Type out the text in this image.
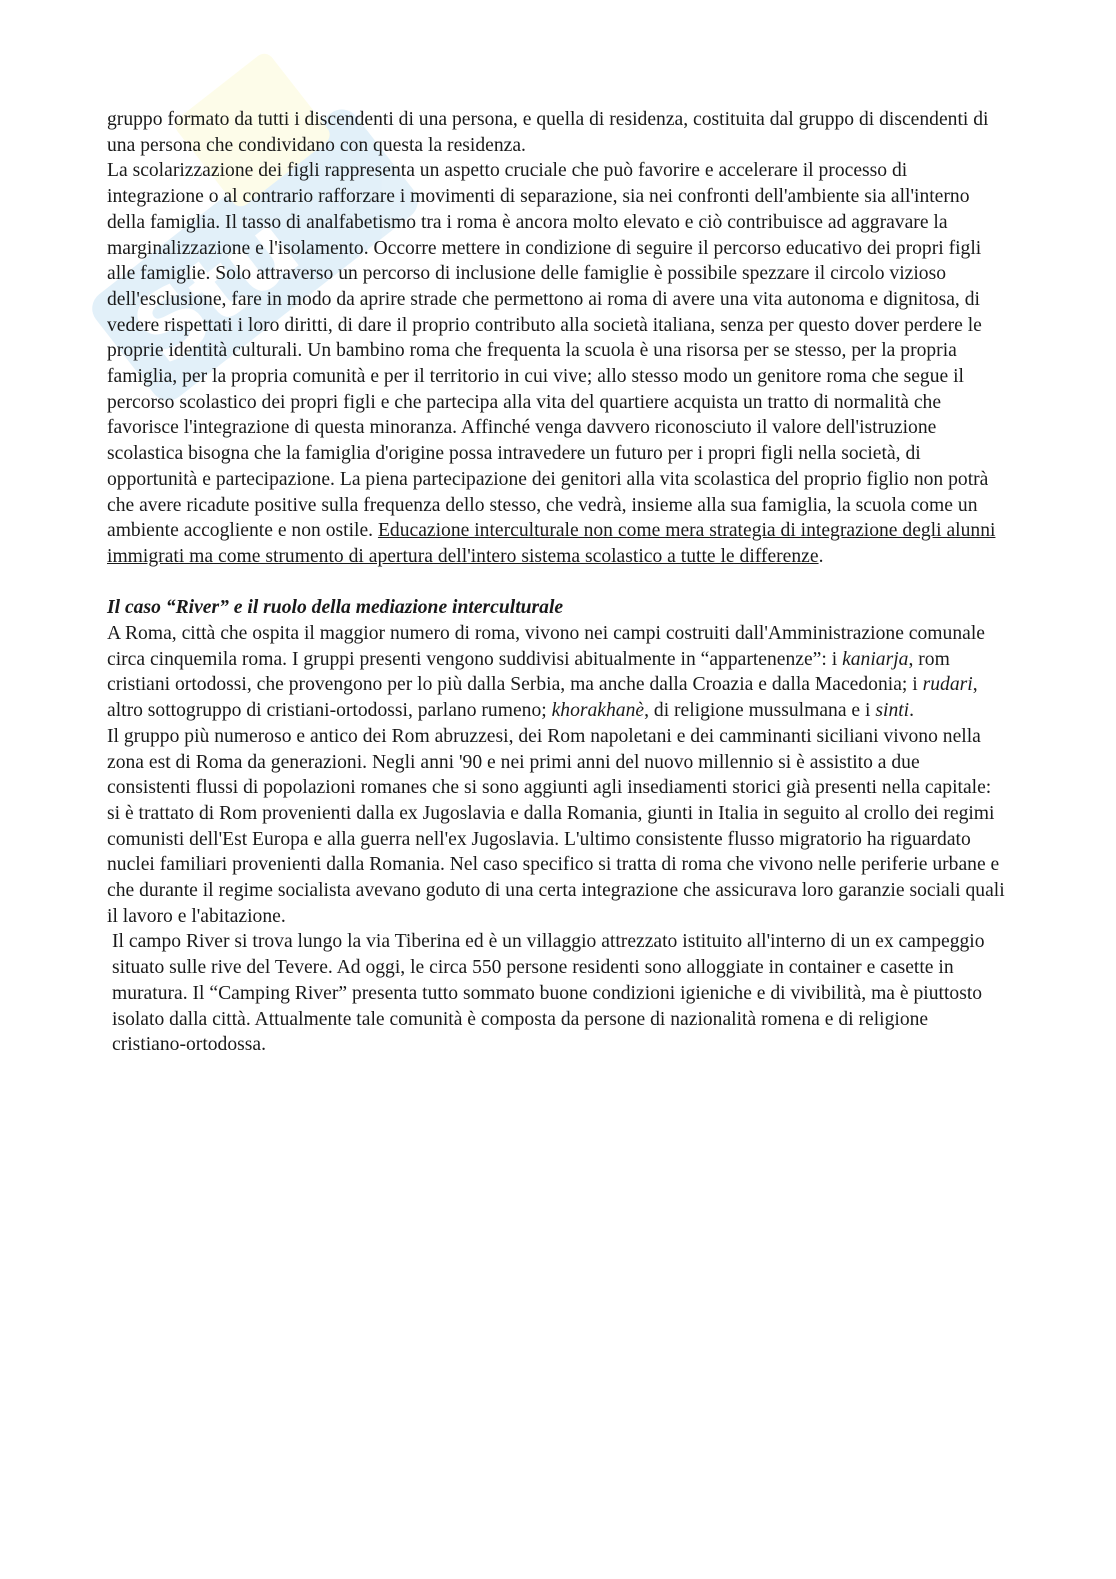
Stu

gruppo formato da tutti i discendenti di una persona, e quella di residenza, costituita dal gruppo di discendenti di una persona che condividano con questa la residenza.

La scolarizzazione dei figli rappresenta un aspetto cruciale che può favorire e accelerare il processo di integrazione o al contrario rafforzare i movimenti di separazione, sia nei confronti dell'ambiente sia all'interno della famiglia. Il tasso di analfabetismo tra i roma è ancora molto elevato e ciò contribuisce ad aggravare la marginalizzazione e l'isolamento. Occorre mettere in condizione di seguire il percorso educativo dei propri figli alle famiglie. Solo attraverso un percorso di inclusione delle famiglie è possibile spezzare il circolo vizioso dell'esclusione, fare in modo da aprire strade che permettono ai roma di avere una vita autonoma e dignitosa, di vedere rispettati i loro diritti, di dare il proprio contributo alla società italiana, senza per questo dover perdere le proprie identità culturali. Un bambino roma che frequenta la scuola è una risorsa per se stesso, per la propria famiglia, per la propria comunità e per il territorio in cui vive; allo stesso modo un genitore roma che segue il percorso scolastico dei propri figli e che partecipa alla vita del quartiere acquista un tratto di normalità che favorisce l'integrazione di questa minoranza. Affinché venga davvero riconosciuto il valore dell'istruzione scolastica bisogna che la famiglia d'origine possa intravedere un futuro per i propri figli nella società, di opportunità e partecipazione. La piena partecipazione dei genitori alla vita scolastica del proprio figlio non potrà che avere ricadute positive sulla frequenza dello stesso, che vedrà, insieme alla sua famiglia, la scuola come un ambiente accogliente e non ostile. Educazione interculturale non come mera strategia di integrazione degli alunni immigrati ma come strumento di apertura dell'intero sistema scolastico a tutte le differenze.

Il caso “River” e il ruolo della mediazione interculturale

A Roma, città che ospita il maggior numero di roma, vivono nei campi costruiti dall'Amministrazione comunale circa cinquemila roma. I gruppi presenti vengono suddivisi abitualmente in “appartenenze”: i kaniarja, rom cristiani ortodossi, che provengono per lo più dalla Serbia, ma anche dalla Croazia e dalla Macedonia; i rudari, altro sottogruppo di cristiani-ortodossi, parlano rumeno; khorakhanè, di religione mussulmana e i sinti.

Il gruppo più numeroso e antico dei Rom abruzzesi, dei Rom napoletani e dei camminanti siciliani vivono nella zona est di Roma da generazioni. Negli anni '90 e nei primi anni del nuovo millennio si è assistito a due consistenti flussi di popolazioni romanes che si sono aggiunti agli insediamenti storici già presenti nella capitale: si è trattato di Rom provenienti dalla ex Jugoslavia e dalla Romania, giunti in Italia in seguito al crollo dei regimi comunisti dell'Est Europa e alla guerra nell'ex Jugoslavia. L'ultimo consistente flusso migratorio ha riguardato nuclei familiari provenienti dalla Romania. Nel caso specifico si tratta di roma che vivono nelle periferie urbane e che durante il regime socialista avevano goduto di una certa integrazione che assicurava loro garanzie sociali quali il lavoro e l'abitazione.

Il campo River si trova lungo la via Tiberina ed è un villaggio attrezzato istituito all'interno di un ex campeggio situato sulle rive del Tevere. Ad oggi, le circa 550 persone residenti sono alloggiate in container e casette in muratura. Il “Camping River” presenta tutto sommato buone condizioni igieniche e di vivibilità, ma è piuttosto isolato dalla città. Attualmente tale comunità è composta da persone di nazionalità romena e di religione cristiano-ortodossa.
